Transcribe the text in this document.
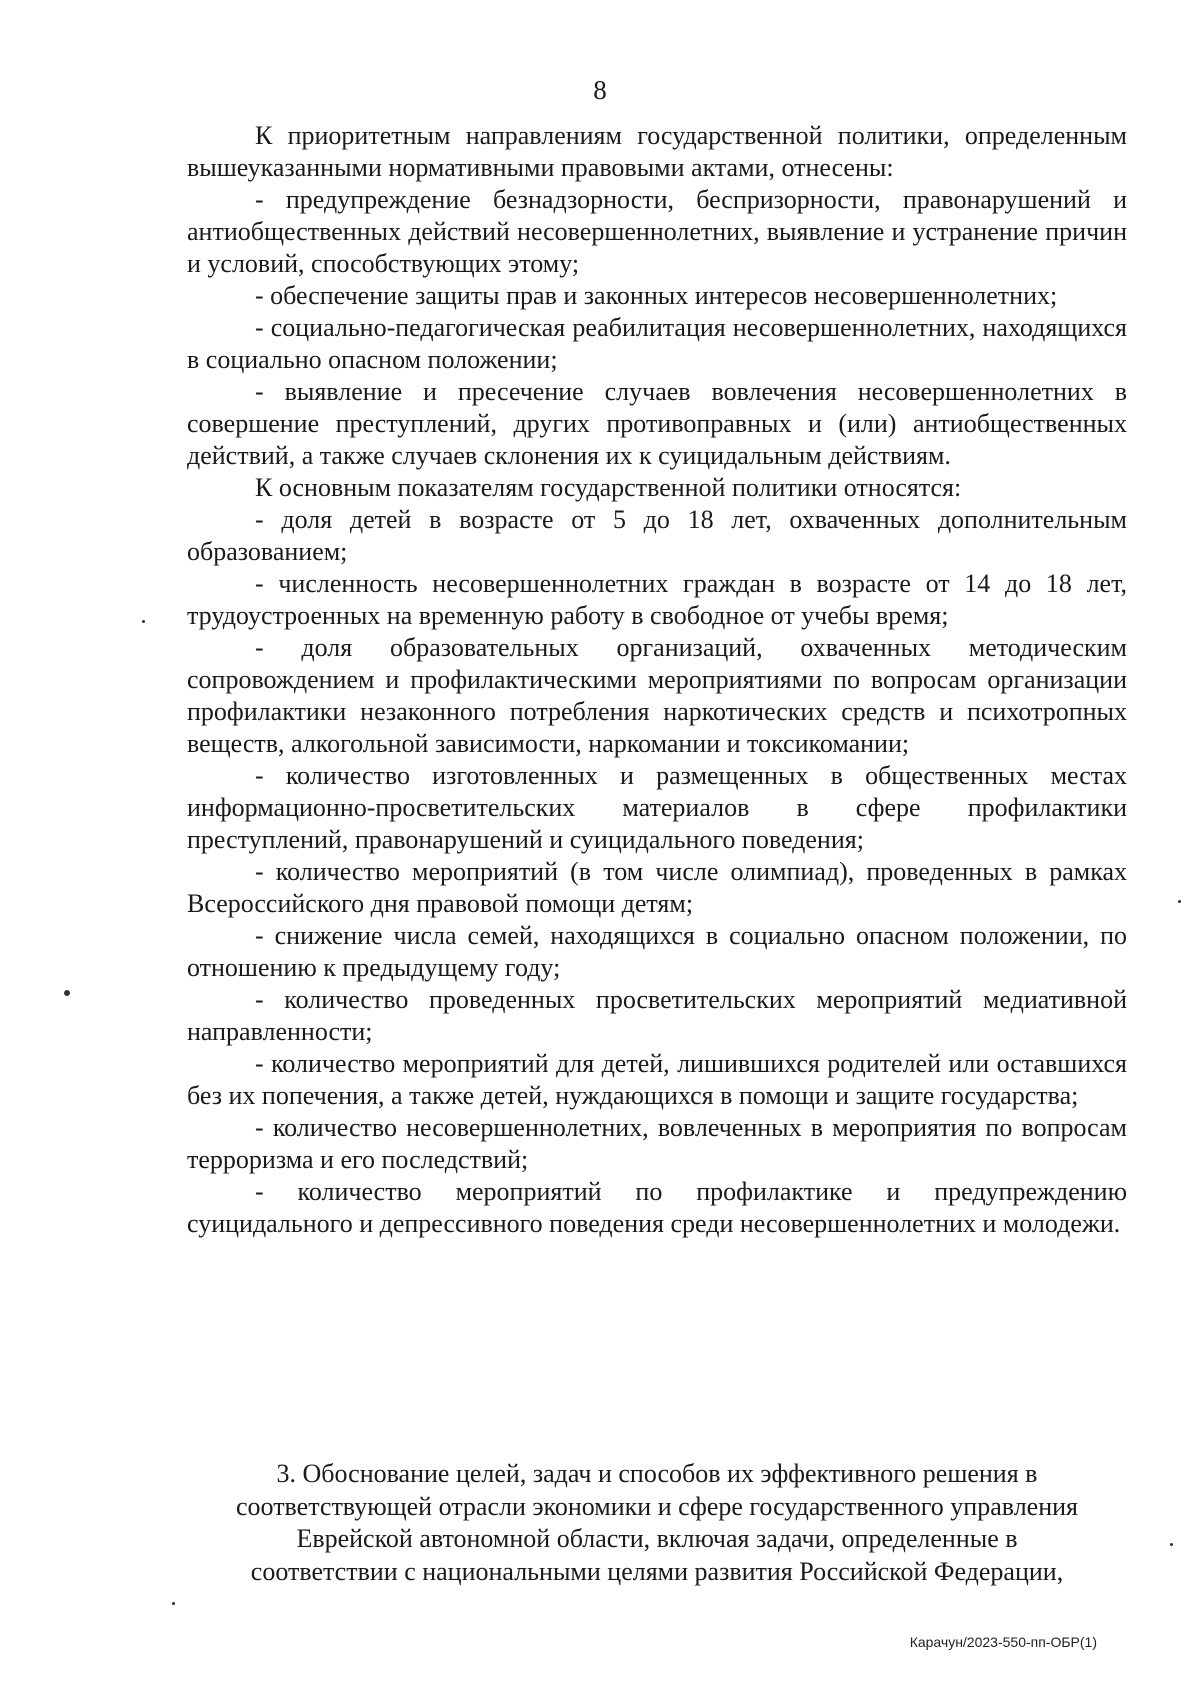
8

К приоритетным направлениям государственной политики, определенным вышеуказанными нормативными правовыми актами, отнесены:

- предупреждение безнадзорности, беспризорности, правонарушений и антиобщественных действий несовершеннолетних, выявление и устранение причин и условий, способствующих этому;

- обеспечение защиты прав и законных интересов несовершеннолетних;

- социально-педагогическая реабилитация несовершеннолетних, находящихся в социально опасном положении;

- выявление и пресечение случаев вовлечения несовершеннолетних в совершение преступлений, других противоправных и (или) антиобщественных действий, а также случаев склонения их к суицидальным действиям.

К основным показателям государственной политики относятся:

- доля детей в возрасте от 5 до 18 лет, охваченных дополнительным образованием;

- численность несовершеннолетних граждан в возрасте от 14 до 18 лет, трудоустроенных на временную работу в свободное от учебы время;

- доля образовательных организаций, охваченных методическим сопровождением и профилактическими мероприятиями по вопросам организации профилактики незаконного потребления наркотических средств и психотропных веществ, алкогольной зависимости, наркомании и токсикомании;

- количество изготовленных и размещенных в общественных местах информационно-просветительских материалов в сфере профилактики преступлений, правонарушений и суицидального поведения;

- количество мероприятий (в том числе олимпиад), проведенных в рамках Всероссийского дня правовой помощи детям;

- снижение числа семей, находящихся в социально опасном положении, по отношению к предыдущему году;

- количество проведенных просветительских мероприятий медиативной направленности;

- количество мероприятий для детей, лишившихся родителей или оставшихся без их попечения, а также детей, нуждающихся в помощи и защите государства;

- количество несовершеннолетних, вовлеченных в мероприятия по вопросам терроризма и его последствий;

- количество мероприятий по профилактике и предупреждению суицидального и депрессивного поведения среди несовершеннолетних и молодежи.

3. Обоснование целей, задач и способов их эффективного решения в
соответствующей отрасли экономики и сфере государственного управления
Еврейской автономной области, включая задачи, определенные в
соответствии с национальными целями развития Российской Федерации,
Карачун/2023-550-пп-ОБР(1)
